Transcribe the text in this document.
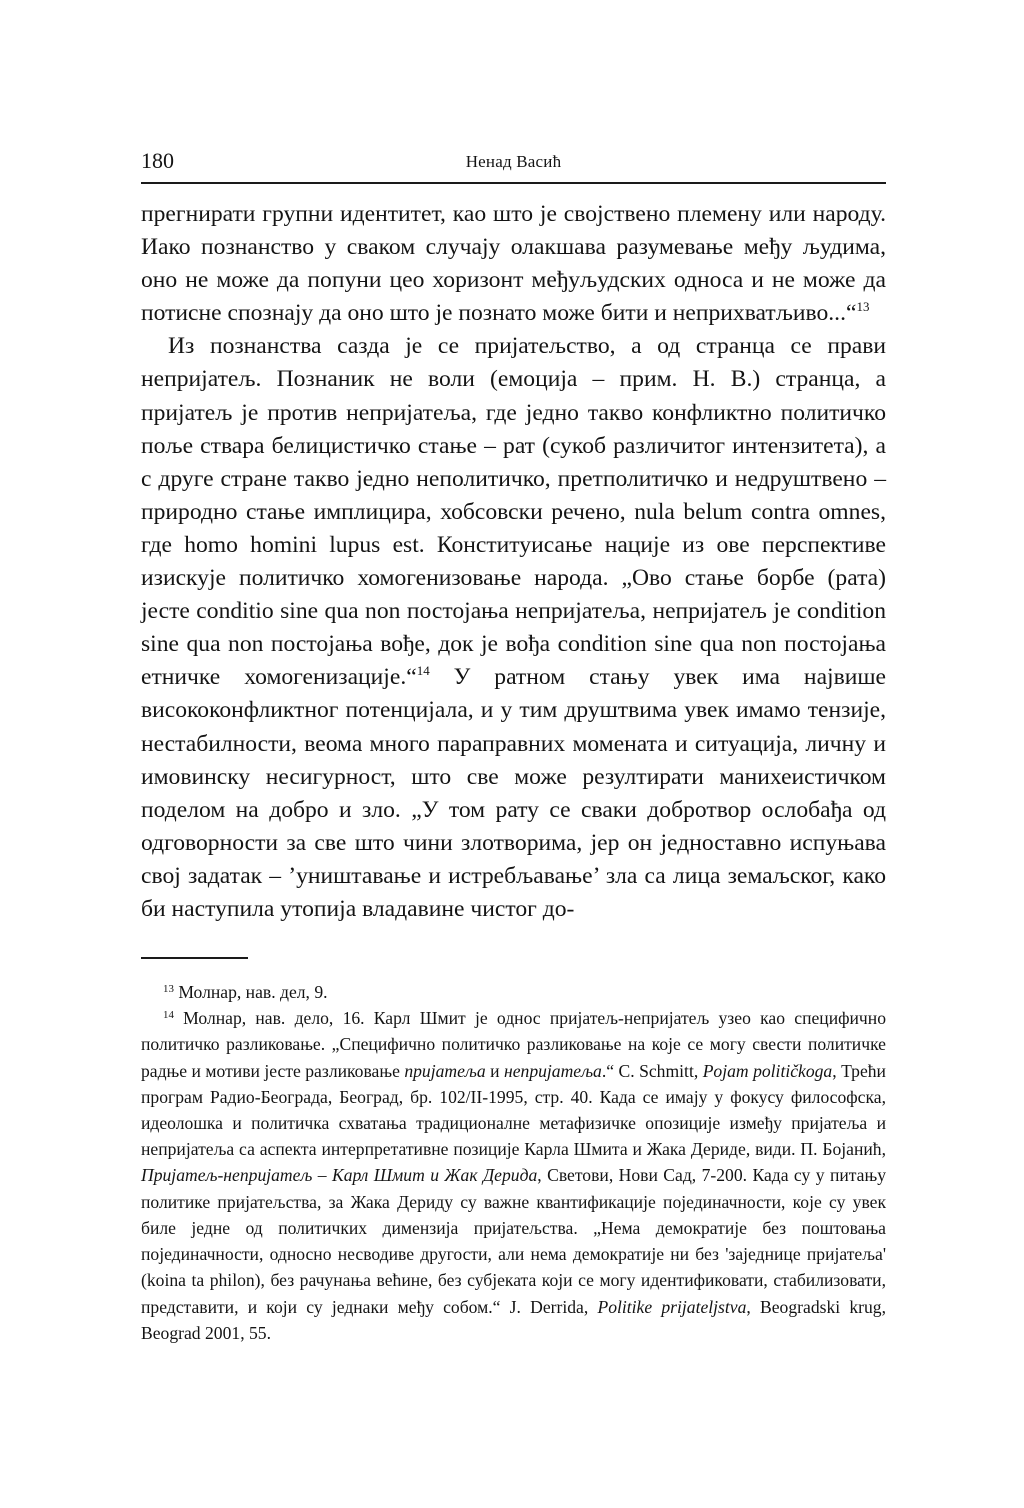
180	Ненад Васић

прегнирати групни идентитет, као што је својствено племену или народу. Иако познанство у сваком случају олакшава разумевање међу људима, оно не може да попуни цео хоризонт међуљудских односа и не може да потисне спознају да оно што је познато може бити и неприхватљиво...“$^{13}$

Из познанства сазда је се пријатељство, а од странца се прави непријатељ. Познаник не воли (емоција – прим. Н. В.) странца, а пријатељ је против непријатеља, где једно такво конфликтно политичко поље ствара белицистичко стање – рат (сукоб различитог интензитета), а с друге стране такво једно неполитичко, претполитичко и недруштвено – природно стање имплицира, хобсовски речено, nula belum contra omnes, где homo homini lupus est. Конституисање нације из ове перспективе изискује политичко хомогенизовање народа. „Ово стање борбе (рата) јесте conditio sine qua non постојања непријатеља, непријатељ је condition sine qua non постојања вође, док је вођа condition sine qua non постојања етничке хомогенизације.“$^{14}$ У ратном стању увек има највише висококонфликтног потенцијала, и у тим друштвима увек имамо тензије, нестабилности, веома много параправних момената и ситуација, личну и имовинску несигурност, што све може резултирати манихеистичком поделом на добро и зло. „У том рату се сваки добротвор ослобађа од одговорности за све што чини злотворима, јер он једноставно испуњава свој задатак – ’уништавање и истребљавање’ зла са лица земаљског, како би наступила утопија владавине чистог до-

$^{13}$ Молнар, нав. дел, 9.

$^{14}$ Молнар, нав. дело, 16. Карл Шмит је однос пријатељ-непријатељ узео као специфично политичко разликовање. „Специфично политичко разликовање на које се могу свести политичке радње и мотиви јесте разликовање пријатеља и непријатеља.“ C. Schmitt, Pojam političkoga, Трећи програм Радио-Београда, Београд, бр. 102/II-1995, стр. 40. Када се имају у фокусу философска, идеолошка и политичка схватања традиционалне метафизичке опозиције између пријатеља и непријатеља са аспекта интерпретативне позиције Карла Шмита и Жака Дериде, види. П. Бојанић, Пријатељ-непријатељ – Карл Шмит и Жак Дерида, Светови, Нови Сад, 7-200. Када су у питању политике пријатељства, за Жака Дериду су важне квантификације појединачности, које су увек биле једне од политичких димензија пријатељства. „Нема демократије без поштовања појединачности, односно несводиве другости, али нема демократије ни без 'заједнице пријатеља' (koina ta philon), без рачунања већине, без субјеката који се могу идентификовати, стабилизовати, представити, и који су једнаки међу собом.“ J. Derrida, Politike prijateljstva, Beogradski krug, Beograd 2001, 55.
